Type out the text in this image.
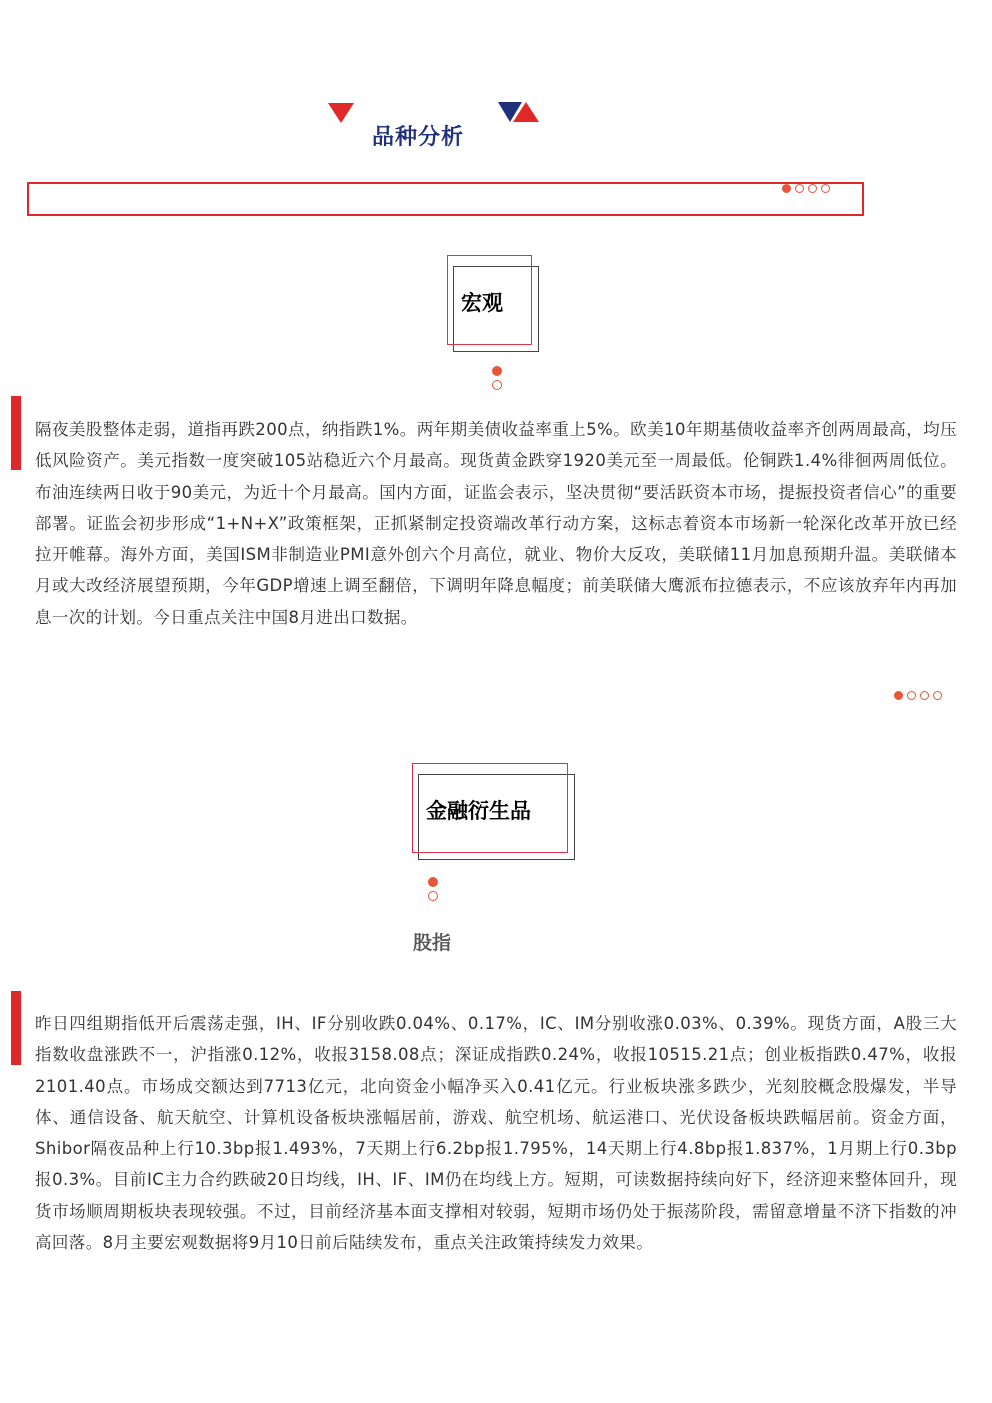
品种分析
宏观
隔夜美股整体走弱，道指再跌200点，纳指跌1%。两年期美债收益率重上5%。欧美10年期基债收益率齐创两周最高，均压低风险资产。美元指数一度突破105站稳近六个月最高。现货黄金跌穿1920美元至一周最低。伦铜跌1.4%徘徊两周低位。布油连续两日收于90美元，为近十个月最高。国内方面，证监会表示，坚决贯彻“要活跃资本市场，提振投资者信心”的重要部署。证监会初步形成“1+N+X”政策框架，正抓紧制定投资端改革行动方案，这标志着资本市场新一轮深化改革开放已经拉开帷幕。海外方面，美国ISM非制造业PMI意外创六个月高位，就业、物价大反攻，美联储11月加息预期升温。美联储本月或大改经济展望预期，今年GDP增速上调至翻倍，下调明年降息幅度；前美联储大鹰派布拉德表示，不应该放弃年内再加息一次的计划。今日重点关注中国8月进出口数据。
金融衍生品
股指
昨日四组期指低开后震荡走强，IH、IF分别收跌0.04%、0.17%，IC、IM分别收涨0.03%、0.39%。现货方面，A股三大指数收盘涨跌不一，沪指涨0.12%，收报3158.08点；深证成指跌0.24%，收报10515.21点；创业板指跌0.47%，收报2101.40点。市场成交额达到7713亿元，北向资金小幅净买入0.41亿元。行业板块涨多跌少，光刻胶概念股爆发，半导体、通信设备、航天航空、计算机设备板块涨幅居前，游戏、航空机场、航运港口、光伏设备板块跌幅居前。资金方面，Shibor隔夜品种上行10.3bp报1.493%，7天期上行6.2bp报1.795%，14天期上行4.8bp报1.837%，1月期上行0.3bp报0.3%。目前IC主力合约跌破20日均线，IH、IF、IM仍在均线上方。短期，可读数据持续向好下，经济迎来整体回升，现货市场顺周期板块表现较强。不过，目前经济基本面支撑相对较弱，短期市场仍处于振荡阶段，需留意增量不济下指数的冲高回落。8月主要宏观数据将9月10日前后陆续发布，重点关注政策持续发力效果。
